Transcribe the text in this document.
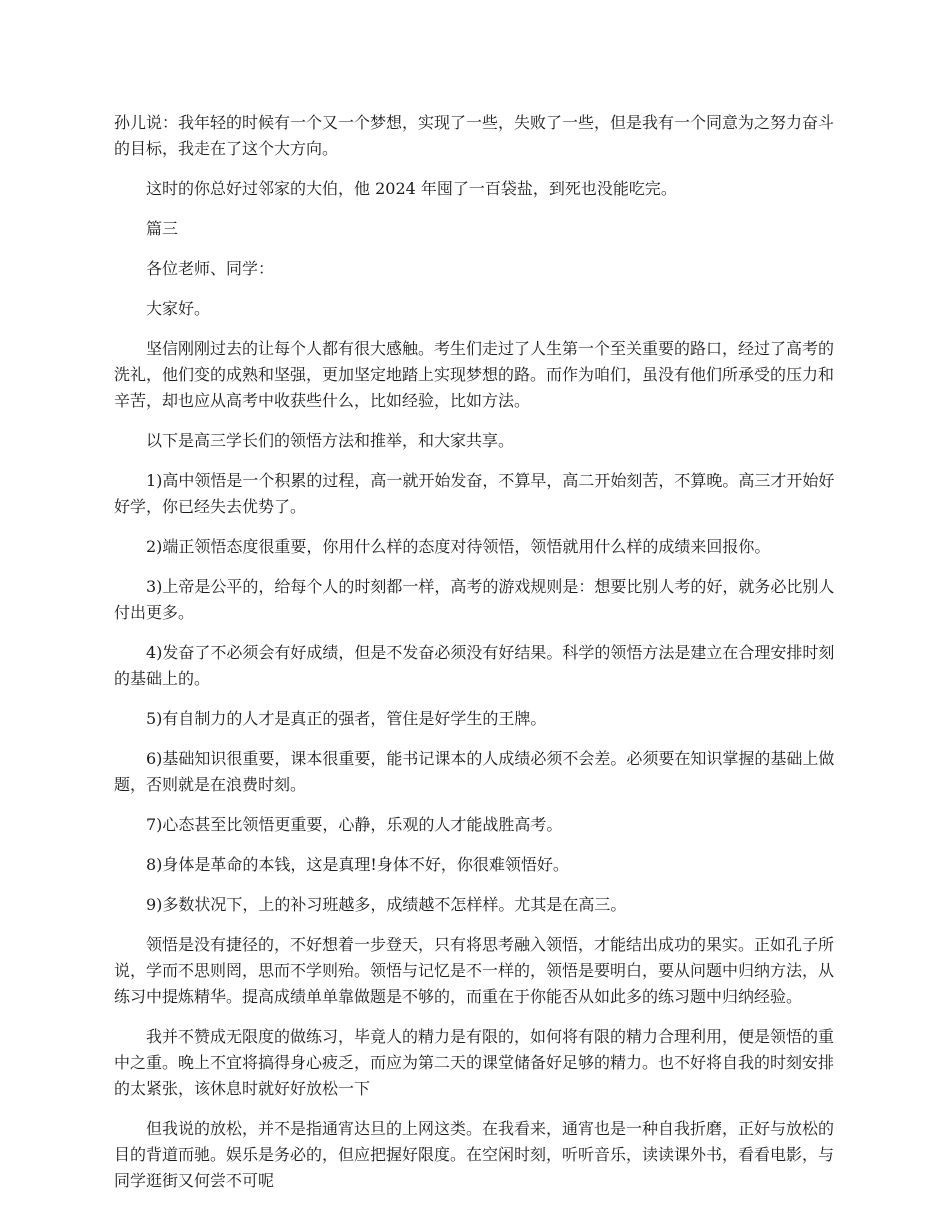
孙儿说：我年轻的时候有一个又一个梦想，实现了一些，失败了一些，但是我有一个同意为之努力奋斗的目标，我走在了这个大方向。

这时的你总好过邻家的大伯，他 2024 年囤了一百袋盐，到死也没能吃完。

篇三

各位老师、同学：

大家好。

坚信刚刚过去的让每个人都有很大感触。考生们走过了人生第一个至关重要的路口，经过了高考的洗礼，他们变的成熟和坚强，更加坚定地踏上实现梦想的路。而作为咱们，虽没有他们所承受的压力和辛苦，却也应从高考中收获些什么，比如经验，比如方法。

以下是高三学长们的领悟方法和推举，和大家共享。

1)高中领悟是一个积累的过程，高一就开始发奋，不算早，高二开始刻苦，不算晚。高三才开始好好学，你已经失去优势了。

2)端正领悟态度很重要，你用什么样的态度对待领悟，领悟就用什么样的成绩来回报你。

3)上帝是公平的，给每个人的时刻都一样，高考的游戏规则是：想要比别人考的好，就务必比别人付出更多。

4)发奋了不必须会有好成绩，但是不发奋必须没有好结果。科学的领悟方法是建立在合理安排时刻的基础上的。

5)有自制力的人才是真正的强者，管住是好学生的王牌。

6)基础知识很重要，课本很重要，能书记课本的人成绩必须不会差。必须要在知识掌握的基础上做题，否则就是在浪费时刻。

7)心态甚至比领悟更重要，心静，乐观的人才能战胜高考。

8)身体是革命的本钱，这是真理!身体不好，你很难领悟好。

9)多数状况下，上的补习班越多，成绩越不怎样样。尤其是在高三。

领悟是没有捷径的，不好想着一步登天，只有将思考融入领悟，才能结出成功的果实。正如孔子所说，学而不思则罔，思而不学则殆。领悟与记忆是不一样的，领悟是要明白，要从问题中归纳方法，从练习中提炼精华。提高成绩单单靠做题是不够的，而重在于你能否从如此多的练习题中归纳经验。

我并不赞成无限度的做练习，毕竟人的精力是有限的，如何将有限的精力合理利用，便是领悟的重中之重。晚上不宜将搞得身心疲乏，而应为第二天的课堂储备好足够的精力。也不好将自我的时刻安排的太紧张，该休息时就好好放松一下

但我说的放松，并不是指通宵达旦的上网这类。在我看来，通宵也是一种自我折磨，正好与放松的目的背道而驰。娱乐是务必的，但应把握好限度。在空闲时刻，听听音乐，读读课外书，看看电影，与同学逛街又何尝不可呢
